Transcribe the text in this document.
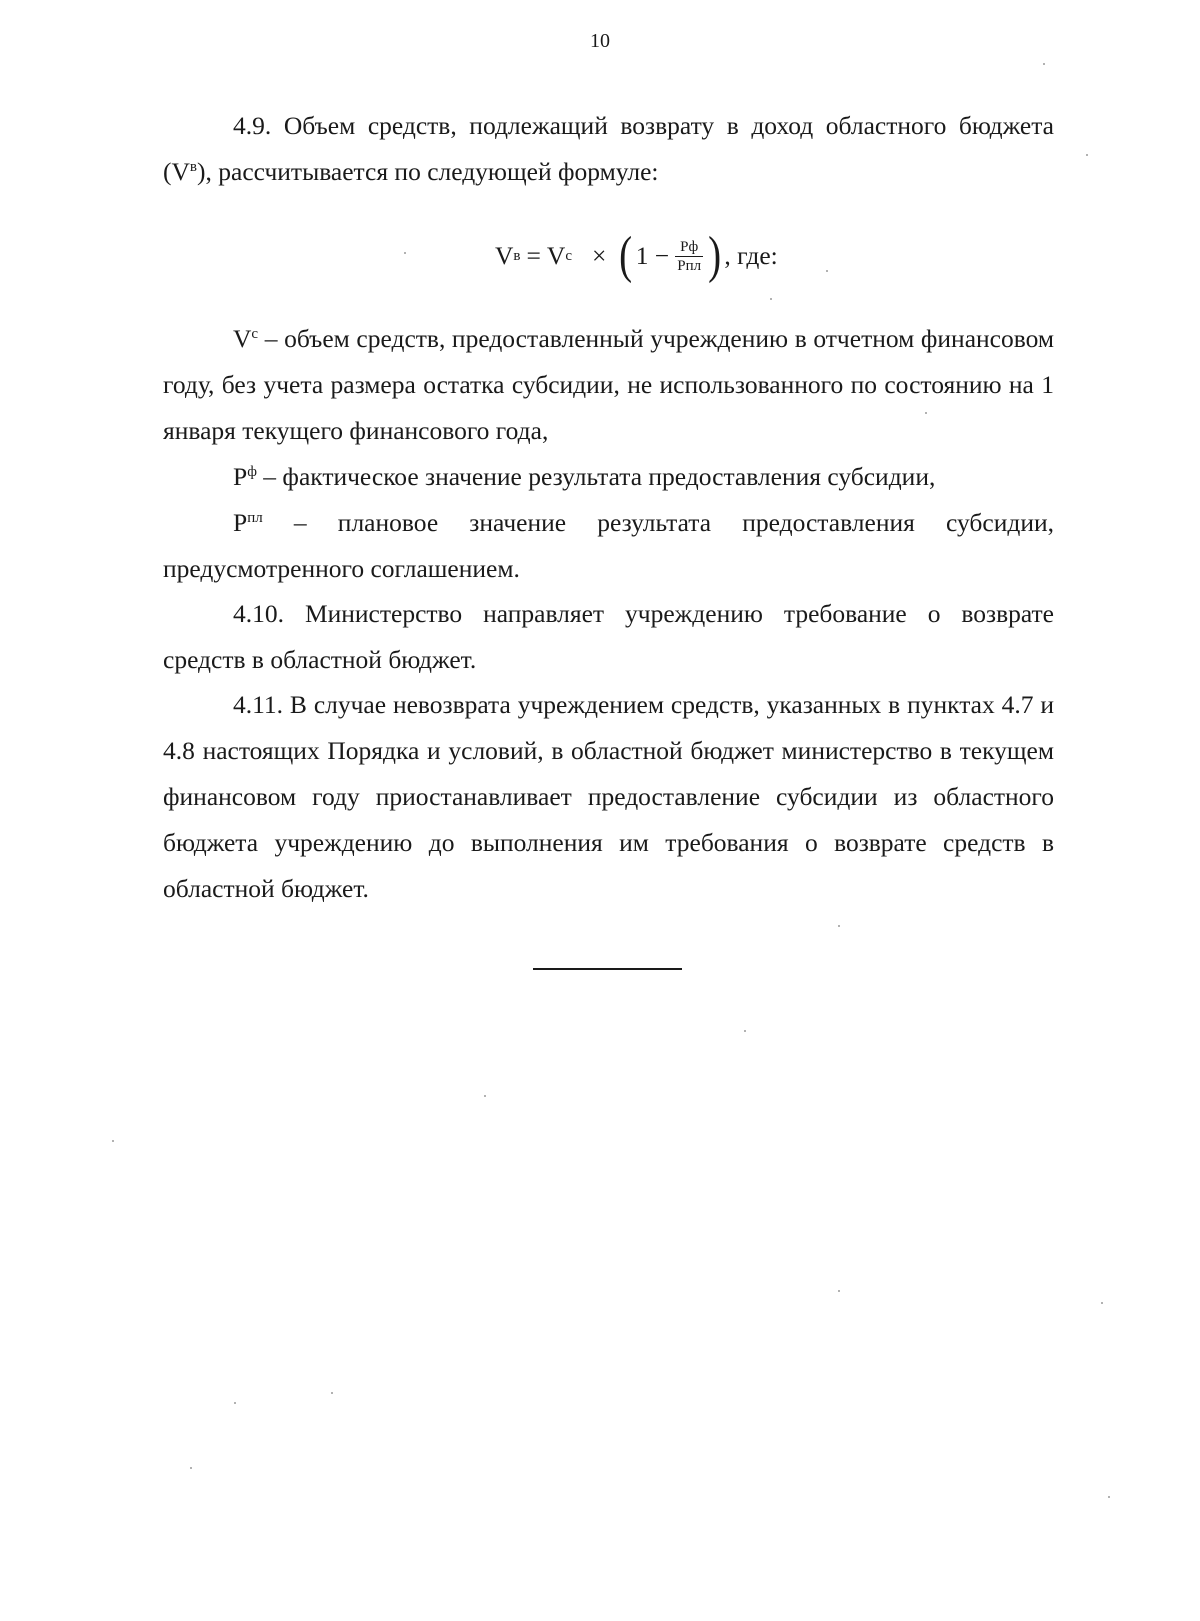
10

4.9. Объем средств, подлежащий возврату в доход областного бюджета $(V^в)$, рассчитывается по следующей формуле:

V в = V с × ( $1 - \frac{Pф}{\text{Pпл}}$ ) , где:

$V^с$ – объем средств, предоставленный учреждению в отчетном финансовом году, без учета размера остатка субсидии, не использованного по состоянию на 1 января текущего финансового года,

$P^ф$ – фактическое значение результата предоставления субсидии,

$P^{пл}$ – плановое значение результата предоставления субсидии, предусмотренного соглашением.

4.10. Министерство направляет учреждению требование о возврате средств в областной бюджет.

4.11. В случае невозврата учреждением средств, указанных в пунктах 4.7 и 4.8 настоящих Порядка и условий, в областной бюджет министерство в текущем финансовом году приостанавливает предоставление субсидии из областного бюджета учреждению до выполнения им требования о возврате средств в областной бюджет.
